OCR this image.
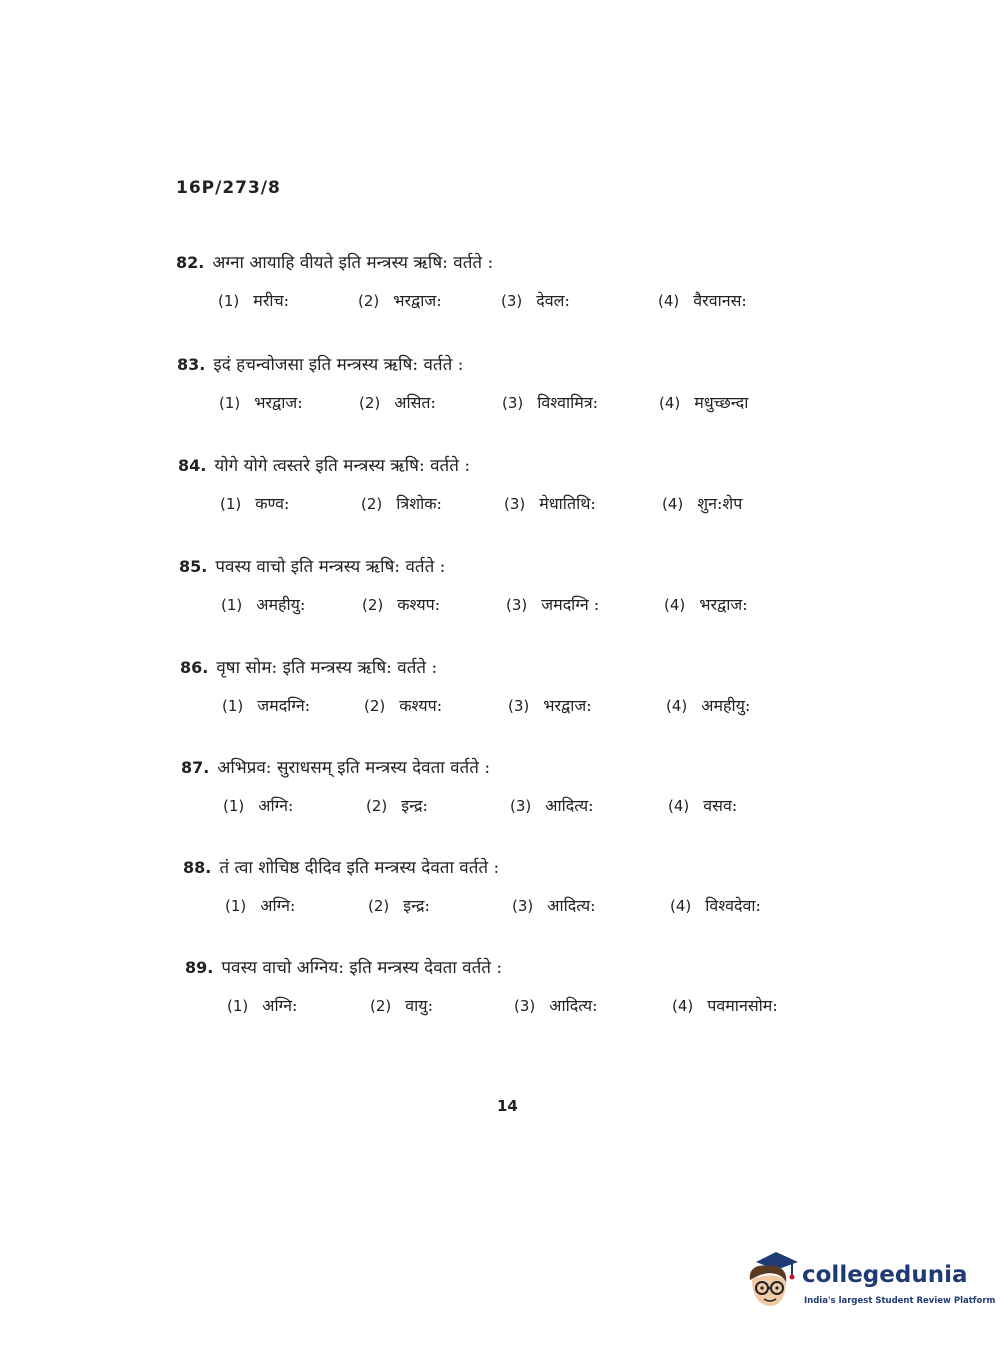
16P/273/8
82. अग्ना आयाहि वीयते इति मन्त्रस्य ऋषि: वर्तते :
(1) मरीच:	(2) भरद्वाज:	(3) देवल:	(4) वैरवानस:
83. इदं हचन्वोजसा इति मन्त्रस्य ऋषि: वर्तते :
(1) भरद्वाज:	(2) असित:	(3) विश्वामित्र:	(4) मधुच्छन्दा
84. योगे योगे त्वस्तरे इति मन्त्रस्य ऋषि: वर्तते :
(1) कण्व:	(2) त्रिशोक:	(3) मेधातिथि:	(4) शुन:शेप
85. पवस्य वाचो इति मन्त्रस्य ऋषि: वर्तते :
(1) अमहीयु:	(2) कश्यप:	(3) जमदग्नि :	(4) भरद्वाज:
86. वृषा सोम: इति मन्त्रस्य ऋषि: वर्तते :
(1) जमदग्नि:	(2) कश्यप:	(3) भरद्वाज:	(4) अमहीयु:
87. अभिप्रव: सुराधसम् इति मन्त्रस्य देवता वर्तते :
(1) अग्नि:	(2) इन्द्र:	(3) आदित्य:	(4) वसव:
88. तं त्वा शोचिष्ठ दीदिव इति मन्त्रस्य देवता वर्तते :
(1) अग्नि:	(2) इन्द्र:	(3) आदित्य:	(4) विश्वदेवा:
89. पवस्य वाचो अग्निय: इति मन्त्रस्य देवता वर्तते :
(1) अग्नि:	(2) वायु:	(3) आदित्य:	(4) पवमानसोम:
14
collegedunia
India's largest Student Review Platform
